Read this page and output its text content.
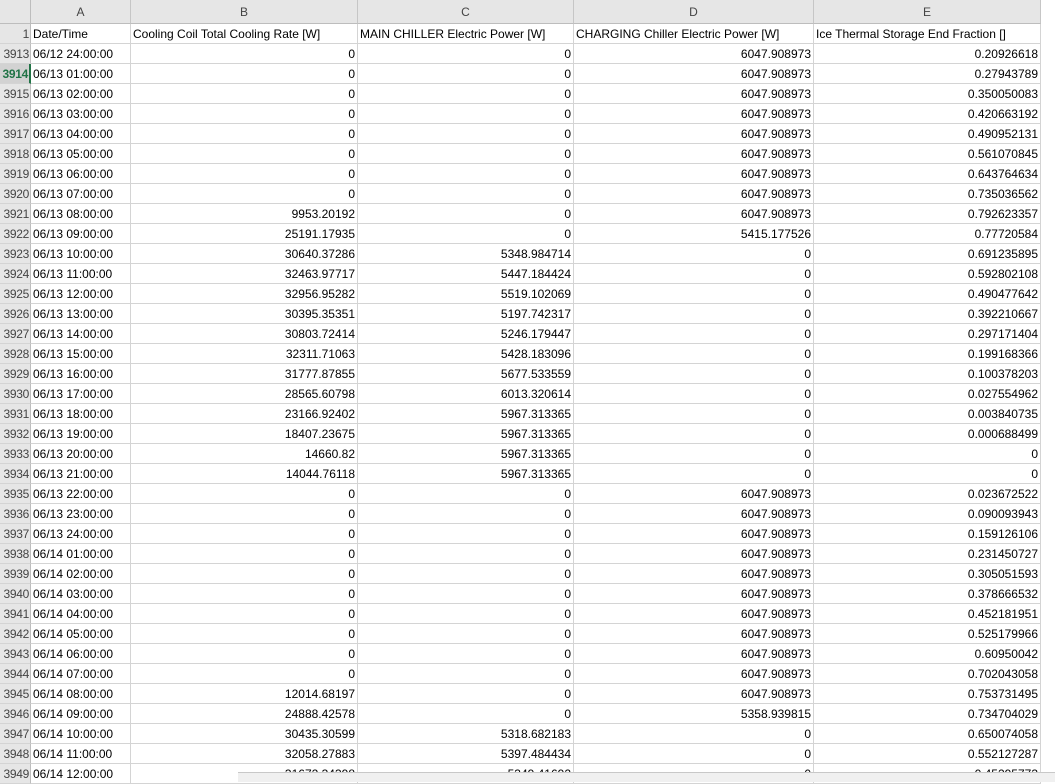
A	B	C	D	E
1 Date/Time	Cooling Coil Total Cooling Rate [W]	MAIN CHILLER Electric Power [W]	CHARGING Chiller Electric Power [W]	Ice Thermal Storage End Fraction []
3913 06/12 24:00:00	0	0	6047.908973	0.20926618
3914 06/13 01:00:00	0	0	6047.908973	0.27943789
3915 06/13 02:00:00	0	0	6047.908973	0.350050083
3916 06/13 03:00:00	0	0	6047.908973	0.420663192
3917 06/13 04:00:00	0	0	6047.908973	0.490952131
3918 06/13 05:00:00	0	0	6047.908973	0.561070845
3919 06/13 06:00:00	0	0	6047.908973	0.643764634
3920 06/13 07:00:00	0	0	6047.908973	0.735036562
3921 06/13 08:00:00	9953.20192	0	6047.908973	0.792623357
3922 06/13 09:00:00	25191.17935	0	5415.177526	0.77720584
3923 06/13 10:00:00	30640.37286	5348.984714	0	0.691235895
3924 06/13 11:00:00	32463.97717	5447.184424	0	0.592802108
3925 06/13 12:00:00	32956.95282	5519.102069	0	0.490477642
3926 06/13 13:00:00	30395.35351	5197.742317	0	0.392210667
3927 06/13 14:00:00	30803.72414	5246.179447	0	0.297171404
3928 06/13 15:00:00	32311.71063	5428.183096	0	0.199168366
3929 06/13 16:00:00	31777.87855	5677.533559	0	0.100378203
3930 06/13 17:00:00	28565.60798	6013.320614	0	0.027554962
3931 06/13 18:00:00	23166.92402	5967.313365	0	0.003840735
3932 06/13 19:00:00	18407.23675	5967.313365	0	0.000688499
3933 06/13 20:00:00	14660.82	5967.313365	0	0
3934 06/13 21:00:00	14044.76118	5967.313365	0	0
3935 06/13 22:00:00	0	0	6047.908973	0.023672522
3936 06/13 23:00:00	0	0	6047.908973	0.090093943
3937 06/13 24:00:00	0	0	6047.908973	0.159126106
3938 06/14 01:00:00	0	0	6047.908973	0.231450727
3939 06/14 02:00:00	0	0	6047.908973	0.305051593
3940 06/14 03:00:00	0	0	6047.908973	0.378666532
3941 06/14 04:00:00	0	0	6047.908973	0.452181951
3942 06/14 05:00:00	0	0	6047.908973	0.525179966
3943 06/14 06:00:00	0	0	6047.908973	0.60950042
3944 06/14 07:00:00	0	0	6047.908973	0.702043058
3945 06/14 08:00:00	12014.68197	0	6047.908973	0.753731495
3946 06/14 09:00:00	24888.42578	0	5358.939815	0.734704029
3947 06/14 10:00:00	30435.30599	5318.682183	0	0.650074058
3948 06/14 11:00:00	32058.27883	5397.484434	0	0.552127287
3949 06/14 12:00:00
